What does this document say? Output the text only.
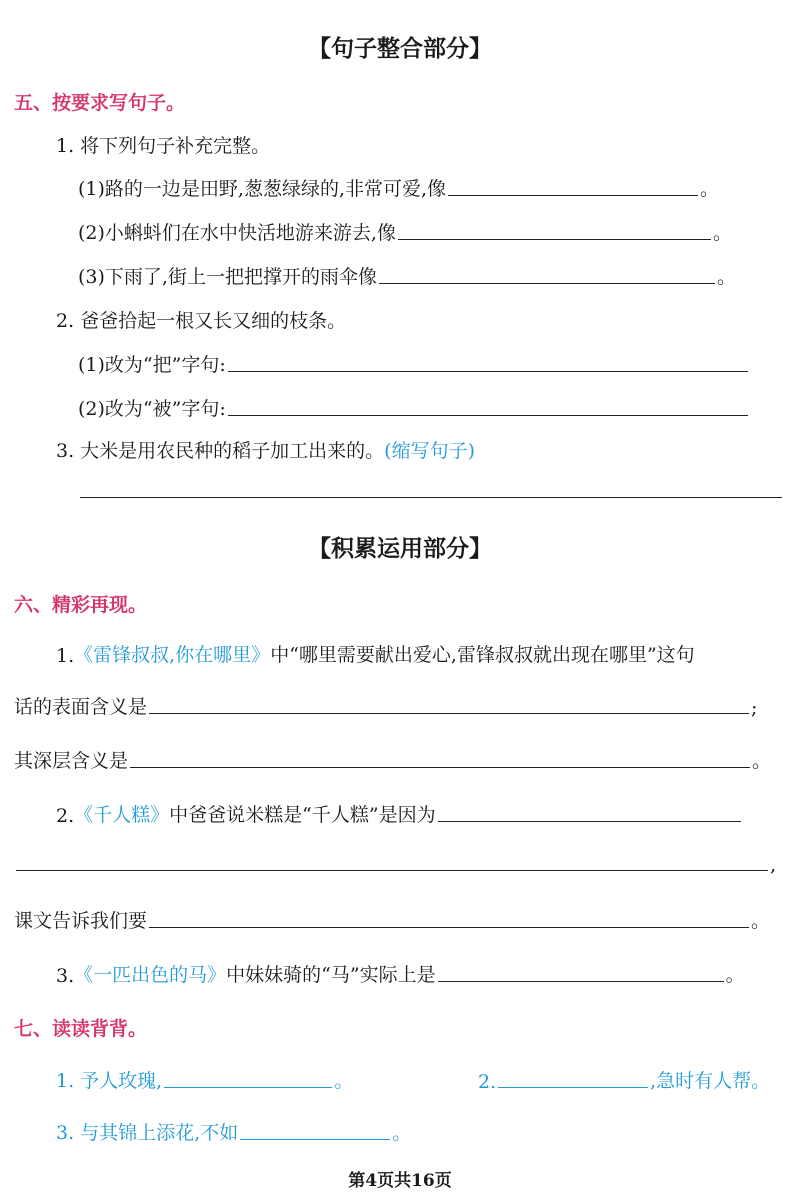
【句子整合部分】
五、按要求写句子。
1. 将下列句子补充完整。
(1)路的一边是田野,葱葱绿绿的,非常可爱,像	。
(2)小蝌蚪们在水中快活地游来游去,像	。
(3)下雨了,街上一把把撑开的雨伞像	。
2. 爸爸拾起一根又长又细的枝条。
(1)改为“把”字句:
(2)改为“被”字句:
3. 大米是用农民种的稻子加工出来的。 (缩写句子)
【积累运用部分】
六、精彩再现。
1. 《雷锋叔叔,你在哪里》 中“哪里需要献出爱心,雷锋叔叔就出现在哪里”这句
话的表面含义是	;
其深层含义是	。
2. 《千人糕》 中爸爸说米糕是“千人糕”是因为
,
课文告诉我们要	。
3. 《一匹出色的马》 中妹妹骑的“马”实际上是	。
七、读读背背。
1. 予人玫瑰,	。	2.	,急时有人帮。
3. 与其锦上添花,不如	。
第4页共16页
